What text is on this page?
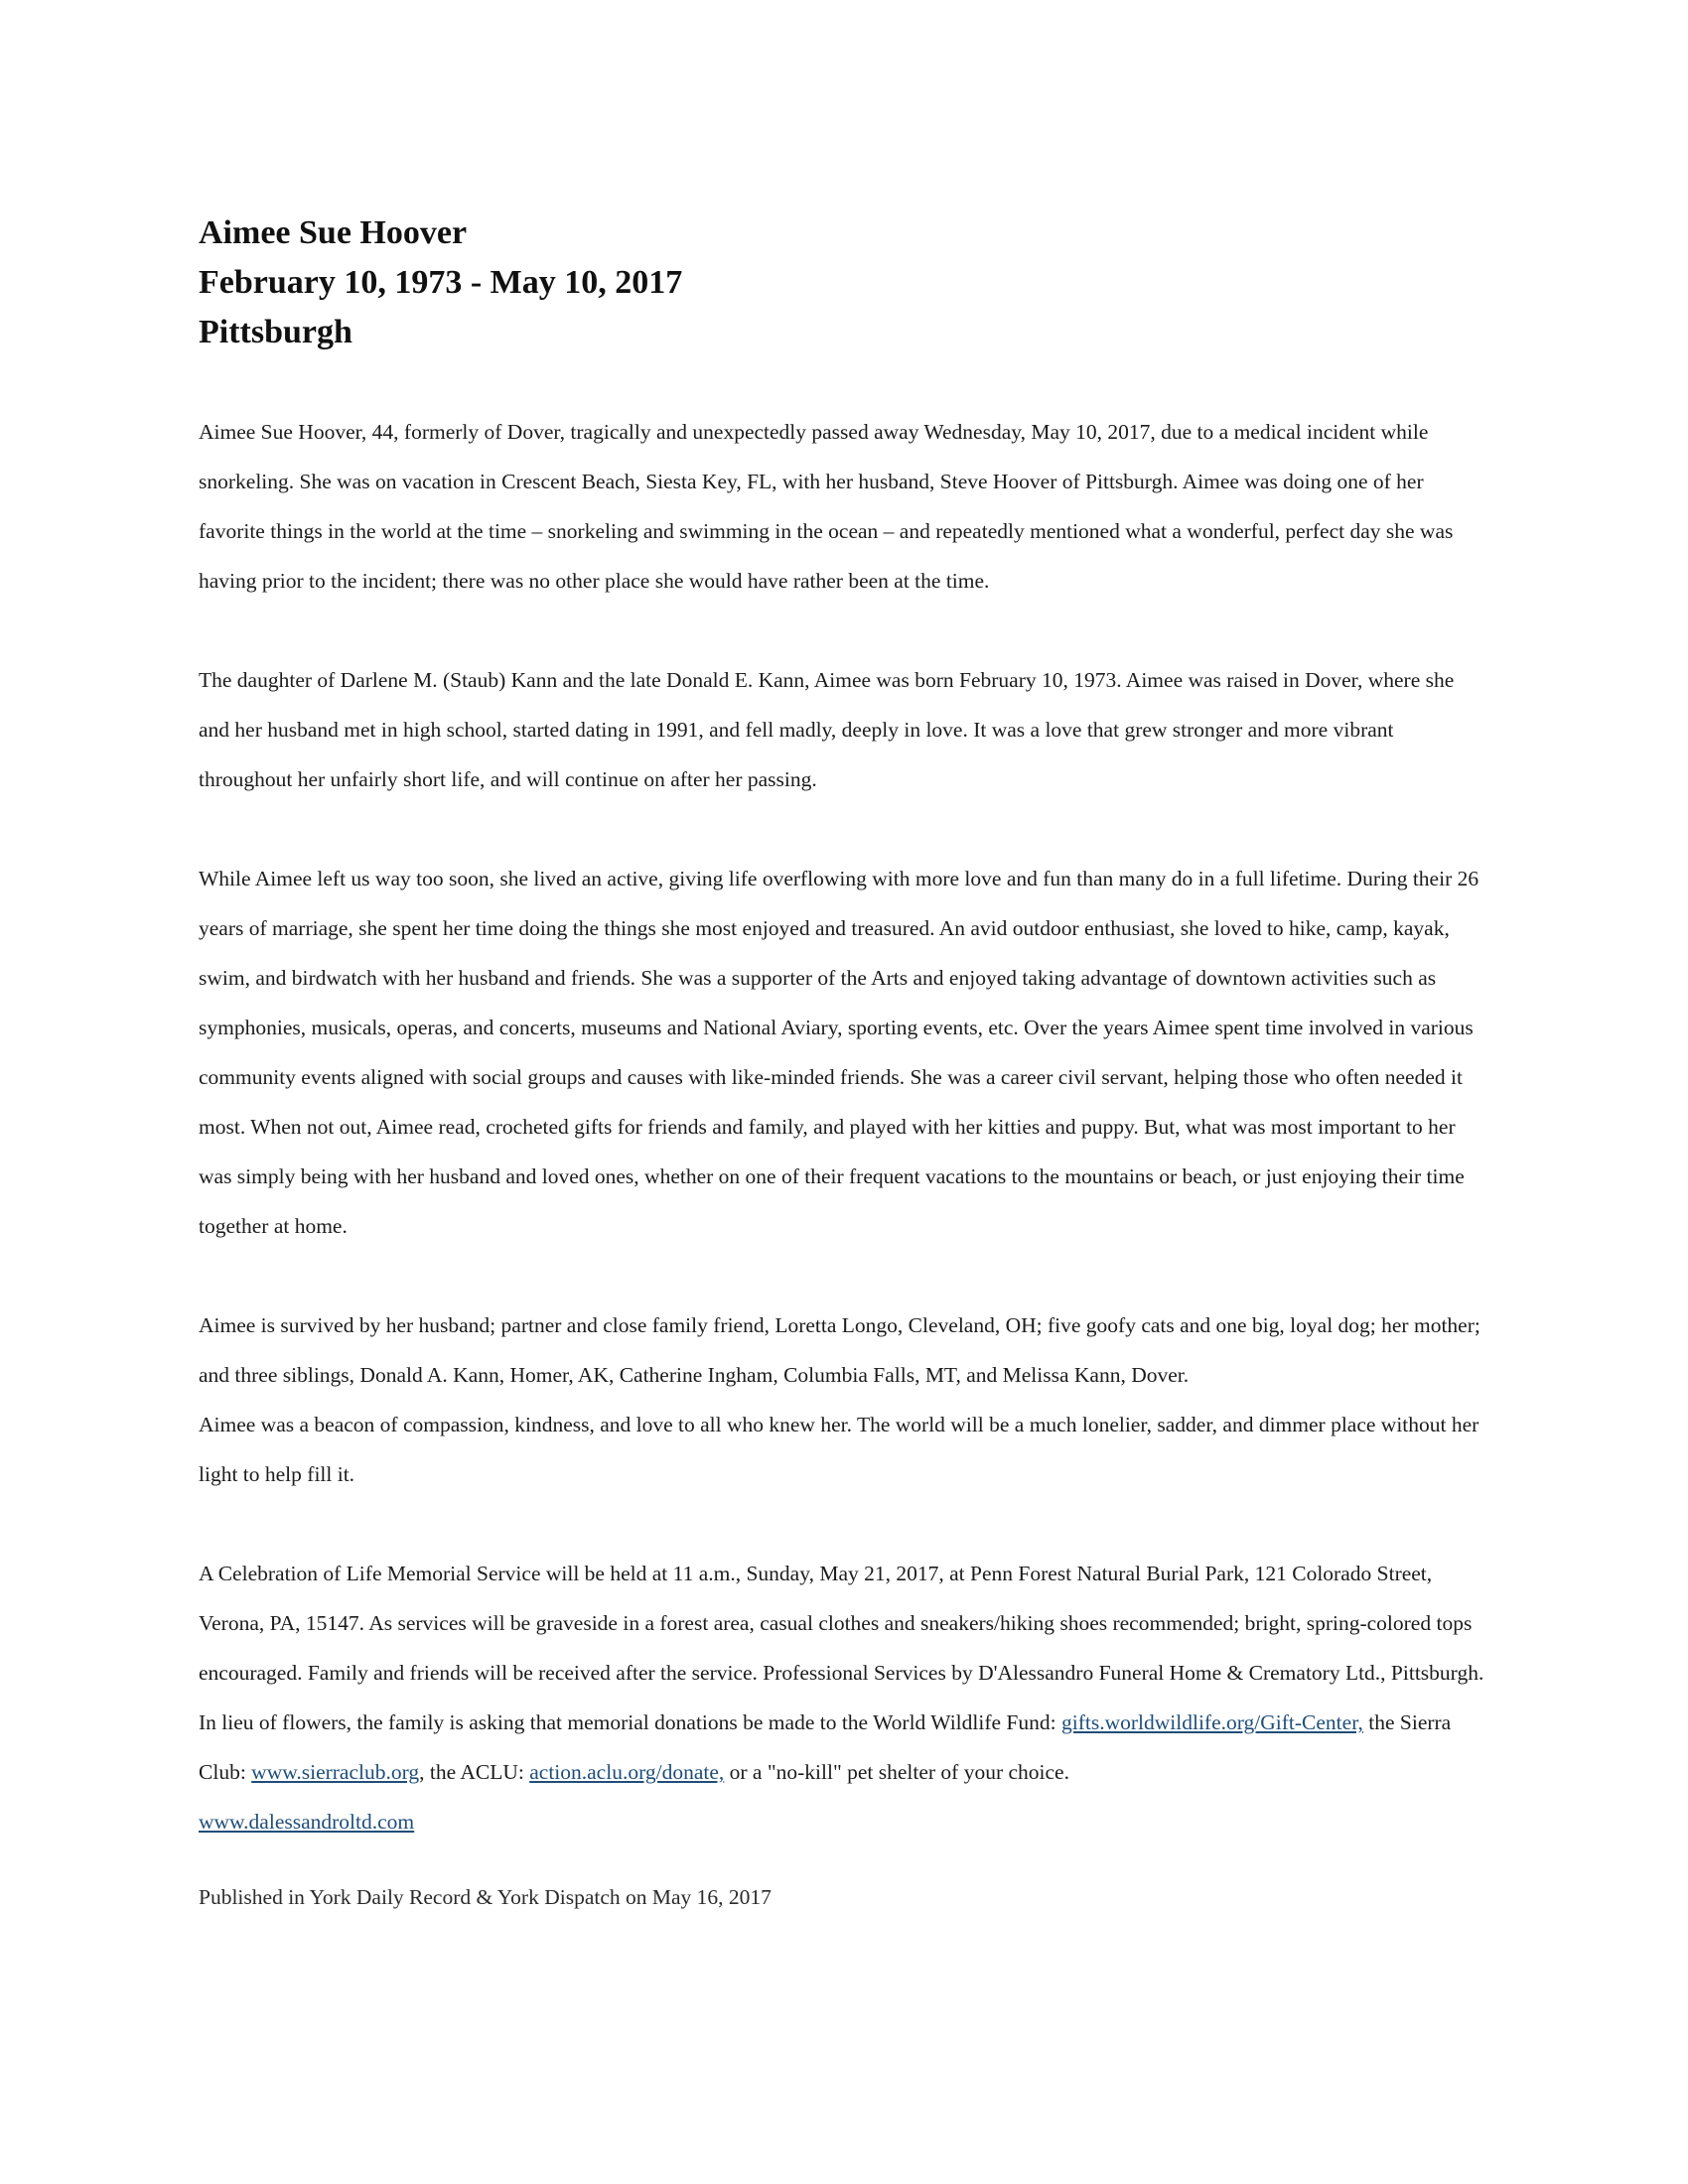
Aimee Sue Hoover

February 10, 1973 - May 10, 2017

Pittsburgh

Aimee Sue Hoover, 44, formerly of Dover, tragically and unexpectedly passed away Wednesday, May 10, 2017, due to a medical incident while snorkeling. She was on vacation in Crescent Beach, Siesta Key, FL, with her husband, Steve Hoover of Pittsburgh. Aimee was doing one of her favorite things in the world at the time – snorkeling and swimming in the ocean – and repeatedly mentioned what a wonderful, perfect day she was having prior to the incident; there was no other place she would have rather been at the time.

The daughter of Darlene M. (Staub) Kann and the late Donald E. Kann, Aimee was born February 10, 1973. Aimee was raised in Dover, where she and her husband met in high school, started dating in 1991, and fell madly, deeply in love. It was a love that grew stronger and more vibrant throughout her unfairly short life, and will continue on after her passing.

While Aimee left us way too soon, she lived an active, giving life overflowing with more love and fun than many do in a full lifetime. During their 26 years of marriage, she spent her time doing the things she most enjoyed and treasured. An avid outdoor enthusiast, she loved to hike, camp, kayak, swim, and birdwatch with her husband and friends. She was a supporter of the Arts and enjoyed taking advantage of downtown activities such as symphonies, musicals, operas, and concerts, museums and National Aviary, sporting events, etc. Over the years Aimee spent time involved in various community events aligned with social groups and causes with like-minded friends. She was a career civil servant, helping those who often needed it most. When not out, Aimee read, crocheted gifts for friends and family, and played with her kitties and puppy. But, what was most important to her was simply being with her husband and loved ones, whether on one of their frequent vacations to the mountains or beach, or just enjoying their time together at home.

Aimee is survived by her husband; partner and close family friend, Loretta Longo, Cleveland, OH; five goofy cats and one big, loyal dog; her mother; and three siblings, Donald A. Kann, Homer, AK, Catherine Ingham, Columbia Falls, MT, and Melissa Kann, Dover.

Aimee was a beacon of compassion, kindness, and love to all who knew her. The world will be a much lonelier, sadder, and dimmer place without her light to help fill it.

A Celebration of Life Memorial Service will be held at 11 a.m., Sunday, May 21, 2017, at Penn Forest Natural Burial Park, 121 Colorado Street, Verona, PA, 15147. As services will be graveside in a forest area, casual clothes and sneakers/hiking shoes recommended; bright, spring-colored tops encouraged. Family and friends will be received after the service. Professional Services by D'Alessandro Funeral Home & Crematory Ltd., Pittsburgh. In lieu of flowers, the family is asking that memorial donations be made to the World Wildlife Fund: gifts.worldwildlife.org/Gift-Center, the Sierra Club: www.sierraclub.org, the ACLU: action.aclu.org/donate, or a "no-kill" pet shelter of your choice.

www.dalessandroltd.com

Published in York Daily Record & York Dispatch on May 16, 2017
